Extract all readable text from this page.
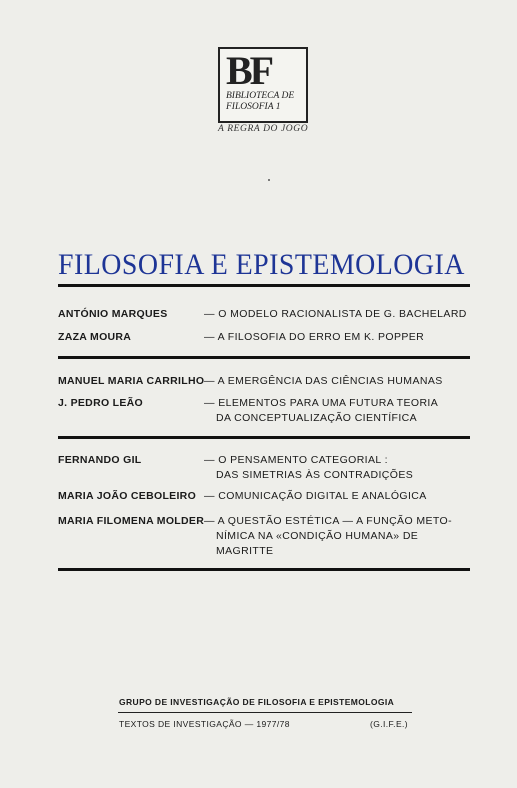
BF
BIBLIOTECA DE
FILOSOFIA 1
A REGRA DO JOGO
FILOSOFIA E EPISTEMOLOGIA
ANTÓNIO MARQUES	— O MODELO RACIONALISTA DE G. BACHELARD
ZAZA MOURA	— A FILOSOFIA DO ERRO EM K. POPPER
MANUEL MARIA CARRILHO — A EMERGÊNCIA DAS CIÊNCIAS HUMANAS
J. PEDRO LEÃO	— ELEMENTOS PARA UMA FUTURA TEORIA
DA CONCEPTUALIZAÇÃO CIENTÍFICA
FERNANDO GIL	— O PENSAMENTO CATEGORIAL :
DAS SIMETRIAS ÀS CONTRADIÇÕES
MARIA JOÃO CEBOLEIRO — COMUNICAÇÃO DIGITAL E ANALÓGICA
MARIA FILOMENA MOLDER — A QUESTÃO ESTÉTICA — A FUNÇÃO METO-
NÍMICA NA «CONDIÇÃO HUMANA» DE
MAGRITTE
GRUPO DE INVESTIGAÇÃO DE FILOSOFIA E EPISTEMOLOGIA
TEXTOS DE INVESTIGAÇÃO — 1977/78	(G.I.F.E.)
